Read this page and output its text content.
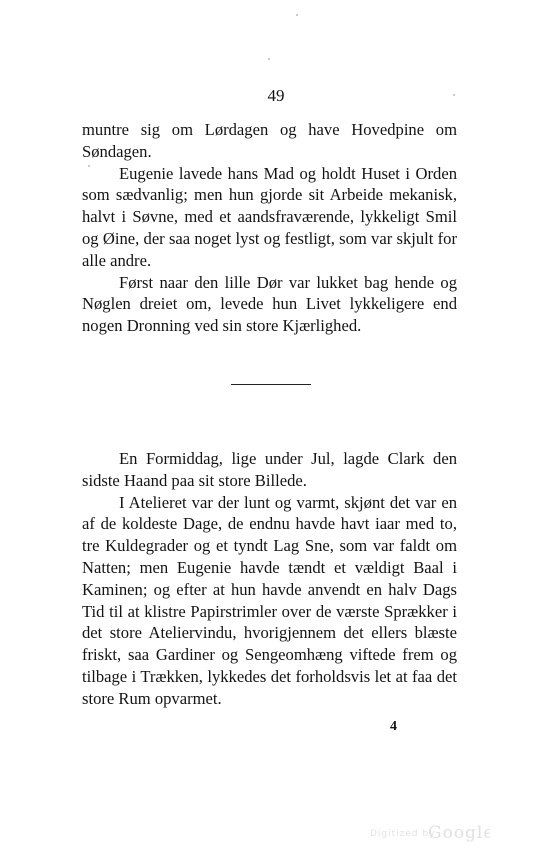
49

muntre sig om Lørdagen og have Hovedpine om Søndagen.

Eugenie lavede hans Mad og holdt Huset i Orden som sædvanlig; men hun gjorde sit Arbeide mekanisk, halvt i Søvne, med et aandsfraværende, lykkeligt Smil og Øine, der saa noget lyst og festligt, som var skjult for alle andre.

Først naar den lille Dør var lukket bag hende og Nøglen dreiet om, levede hun Livet lykkeligere end nogen Dronning ved sin store Kjærlighed.

En Formiddag, lige under Jul, lagde Clark den sidste Haand paa sit store Billede.

I Atelieret var der lunt og varmt, skjønt det var en af de koldeste Dage, de endnu havde havt iaar med to, tre Kuldegrader og et tyndt Lag Sne, som var faldt om Natten; men Eugenie havde tændt et vældigt Baal i Kaminen; og efter at hun havde anvendt en halv Dags Tid til at klistre Papirstrimler over de værste Sprækker i det store Ateliervindu, hvorigjennem det ellers blæste friskt, saa Gardiner og Sengeomhæng viftede frem og tilbage i Trækken, lykkedes det forholdsvis let at faa det store Rum opvarmet.

4
Digitized by
Google
